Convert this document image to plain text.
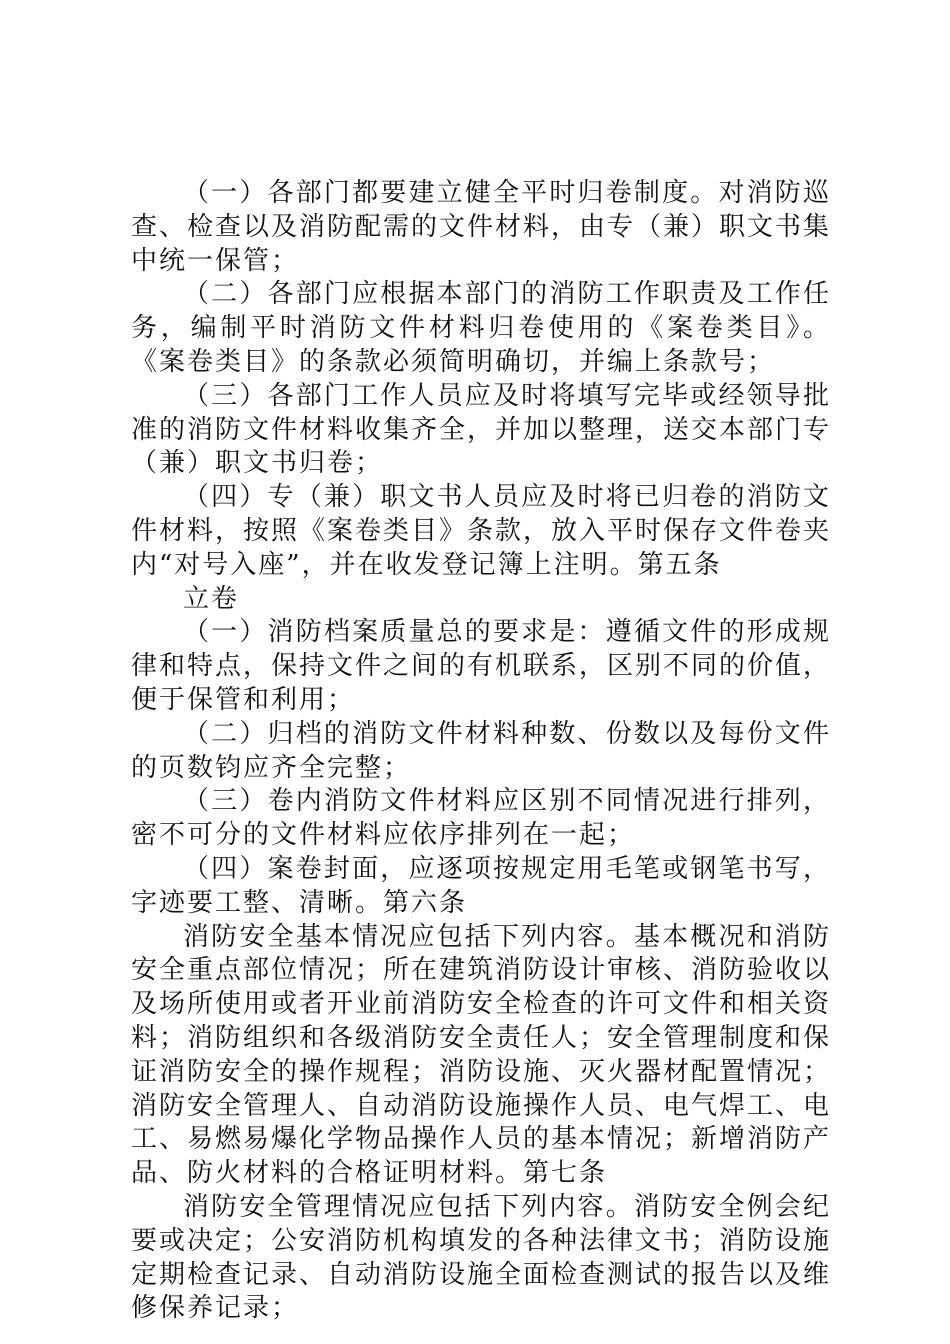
（一）各部门都要建立健全平时归卷制度。对消防巡查、检查以及消防配需的文件材料，由专（兼）职文书集中统一保管；

（二）各部门应根据本部门的消防工作职责及工作任务，编制平时消防文件材料归卷使用的《案卷类目》。《案卷类目》的条款必须简明确切，并编上条款号；

（三）各部门工作人员应及时将填写完毕或经领导批准的消防文件材料收集齐全，并加以整理，送交本部门专（兼）职文书归卷；

（四）专（兼）职文书人员应及时将已归卷的消防文件材料，按照《案卷类目》条款，放入平时保存文件卷夹内“对号入座”，并在收发登记簿上注明。第五条

立卷

（一）消防档案质量总的要求是：遵循文件的形成规律和特点，保持文件之间的有机联系，区别不同的价值，便于保管和利用；

（二）归档的消防文件材料种数、份数以及每份文件的页数钧应齐全完整；

（三）卷内消防文件材料应区别不同情况进行排列，密不可分的文件材料应依序排列在一起；

（四）案卷封面，应逐项按规定用毛笔或钢笔书写，字迹要工整、清晰。第六条

消防安全基本情况应包括下列内容。基本概况和消防安全重点部位情况；所在建筑消防设计审核、消防验收以及场所使用或者开业前消防安全检查的许可文件和相关资料；消防组织和各级消防安全责任人；安全管理制度和保证消防安全的操作规程；消防设施、灭火器材配置情况；消防安全管理人、自动消防设施操作人员、电气焊工、电工、易燃易爆化学物品操作人员的基本情况；新增消防产品、防火材料的合格证明材料。第七条

消防安全管理情况应包括下列内容。消防安全例会纪要或决定；公安消防机构填发的各种法律文书；消防设施定期检查记录、自动消防设施全面检查测试的报告以及维修保养记录；
